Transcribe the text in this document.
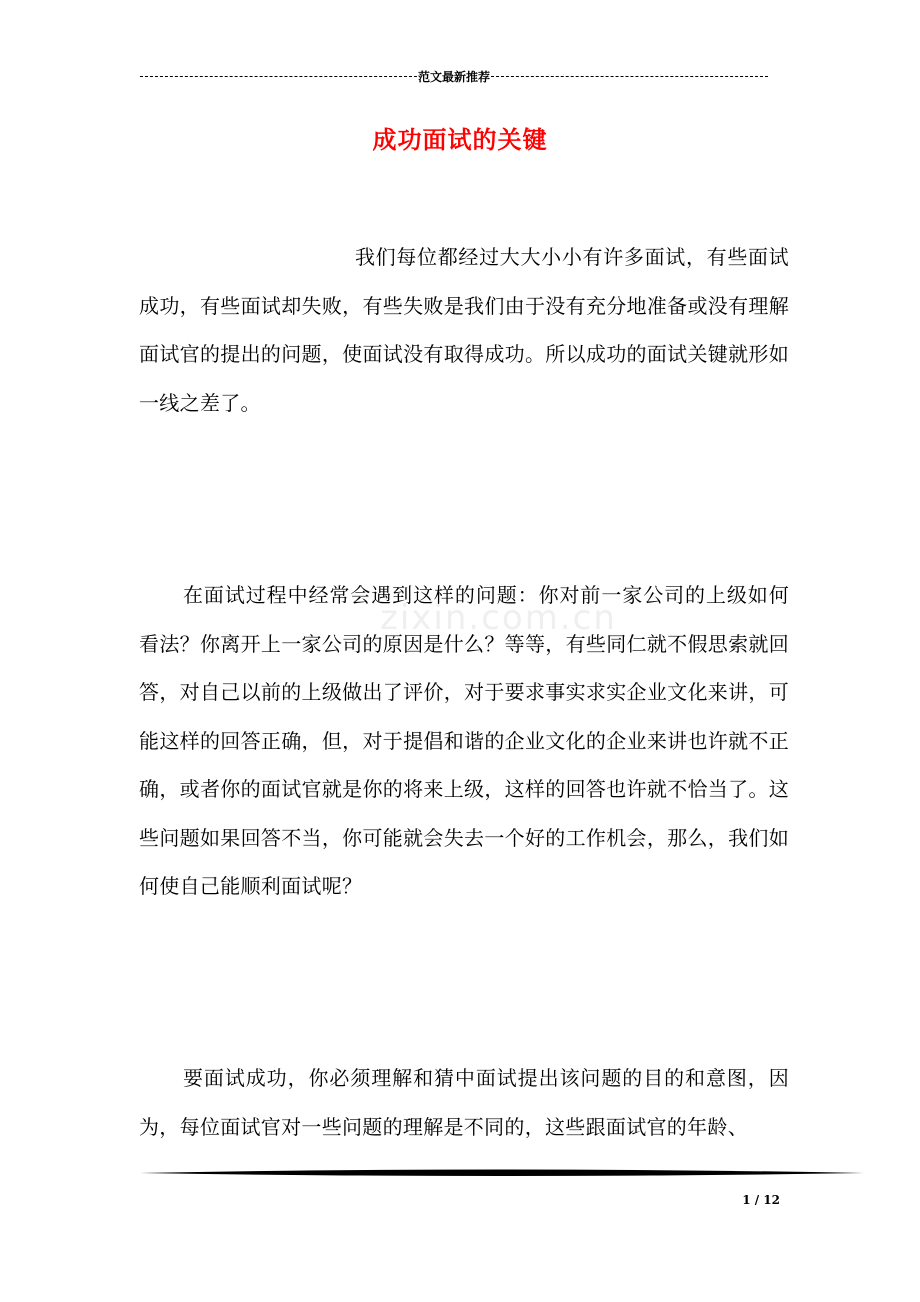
范文最新推荐
成功面试的关键
我们每位都经过大大小小有许多面试，有些面试成功，有些面试却失败，有些失败是我们由于没有充分地准备或没有理解面试官的提出的问题，使面试没有取得成功。所以成功的面试关键就形如一线之差了。
zixin.com.cn
在面试过程中经常会遇到这样的问题：你对前一家公司的上级如何看法？你离开上一家公司的原因是什么？等等，有些同仁就不假思索就回答，对自己以前的上级做出了评价，对于要求事实求实企业文化来讲，可能这样的回答正确，但，对于提倡和谐的企业文化的企业来讲也许就不正确，或者你的面试官就是你的将来上级，这样的回答也许就不恰当了。这些问题如果回答不当，你可能就会失去一个好的工作机会，那么，我们如何使自己能顺利面试呢？
要面试成功，你必须理解和猜中面试提出该问题的目的和意图，因为，每位面试官对一些问题的理解是不同的，这些跟面试官的年龄、
1 / 12
